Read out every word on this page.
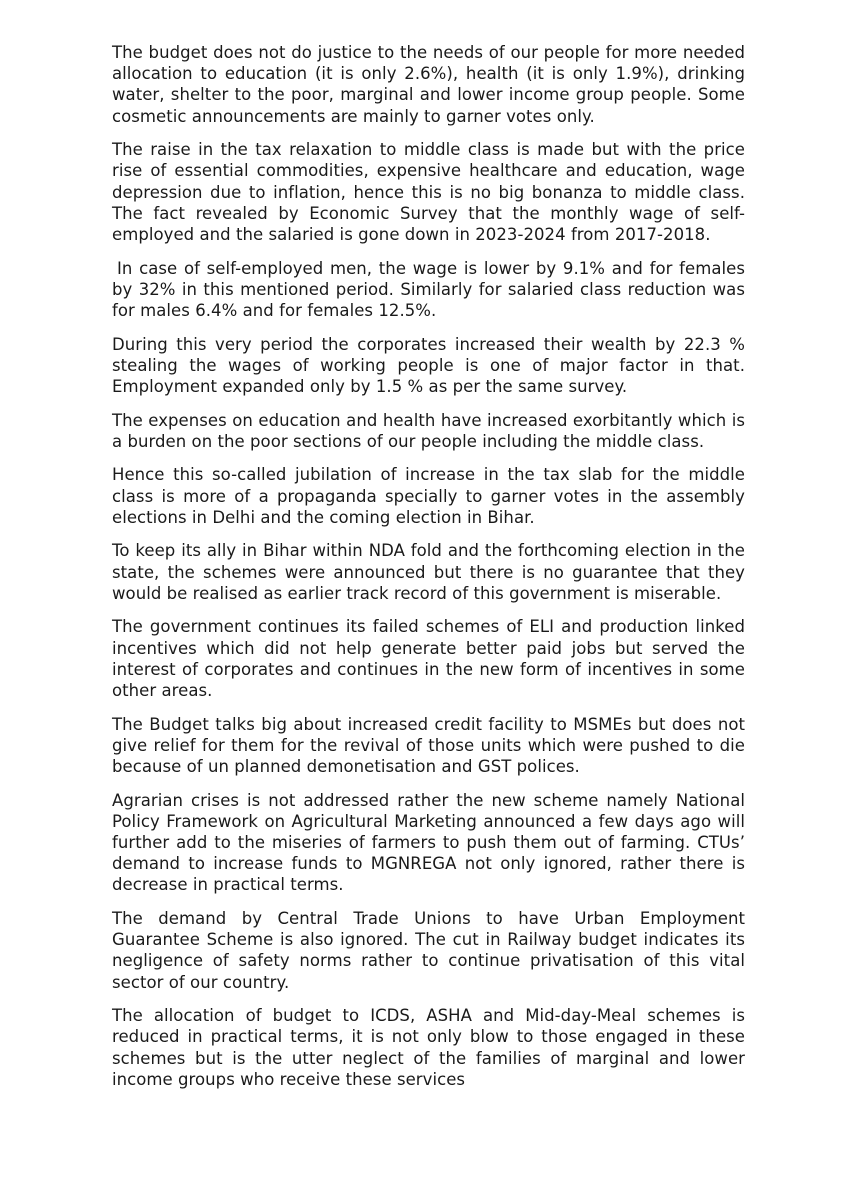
The budget does not do justice to the needs of our people for more needed allocation to education (it is only 2.6%), health (it is only 1.9%), drinking water, shelter to the poor, marginal and lower income group people. Some cosmetic announcements are mainly to garner votes only.

The raise in the tax relaxation to middle class is made but with the price rise of essential commodities, expensive healthcare and education, wage depression due to inflation, hence this is no big bonanza to middle class. The fact revealed by Economic Survey that the monthly wage of self-employed and the salaried is gone down in 2023-2024 from 2017-2018.

In case of self-employed men, the wage is lower by 9.1% and for females by 32% in this mentioned period. Similarly for salaried class reduction was for males 6.4% and for females 12.5%.

During this very period the corporates increased their wealth by 22.3 % stealing the wages of working people is one of major factor in that. Employment expanded only by 1.5 % as per the same survey.

The expenses on education and health have increased exorbitantly which is a burden on the poor sections of our people including the middle class.

Hence this so-called jubilation of increase in the tax slab for the middle class is more of a propaganda specially to garner votes in the assembly elections in Delhi and the coming election in Bihar.

To keep its ally in Bihar within NDA fold and the forthcoming election in the state, the schemes were announced but there is no guarantee that they would be realised as earlier track record of this government is miserable.

The government continues its failed schemes of ELI and production linked incentives which did not help generate better paid jobs but served the interest of corporates and continues in the new form of incentives in some other areas.

The Budget talks big about increased credit facility to MSMEs but does not give relief for them for the revival of those units which were pushed to die because of un planned demonetisation and GST polices.

Agrarian crises is not addressed rather the new scheme namely National Policy Framework on Agricultural Marketing announced a few days ago will further add to the miseries of farmers to push them out of farming. CTUs’ demand to increase funds to MGNREGA not only ignored, rather there is decrease in practical terms.

The demand by Central Trade Unions to have Urban Employment Guarantee Scheme is also ignored. The cut in Railway budget indicates its negligence of safety norms rather to continue privatisation of this vital sector of our country.

The allocation of budget to ICDS, ASHA and Mid-day-Meal schemes is reduced in practical terms, it is not only blow to those engaged in these schemes but is the utter neglect of the families of marginal and lower income groups who receive these services
